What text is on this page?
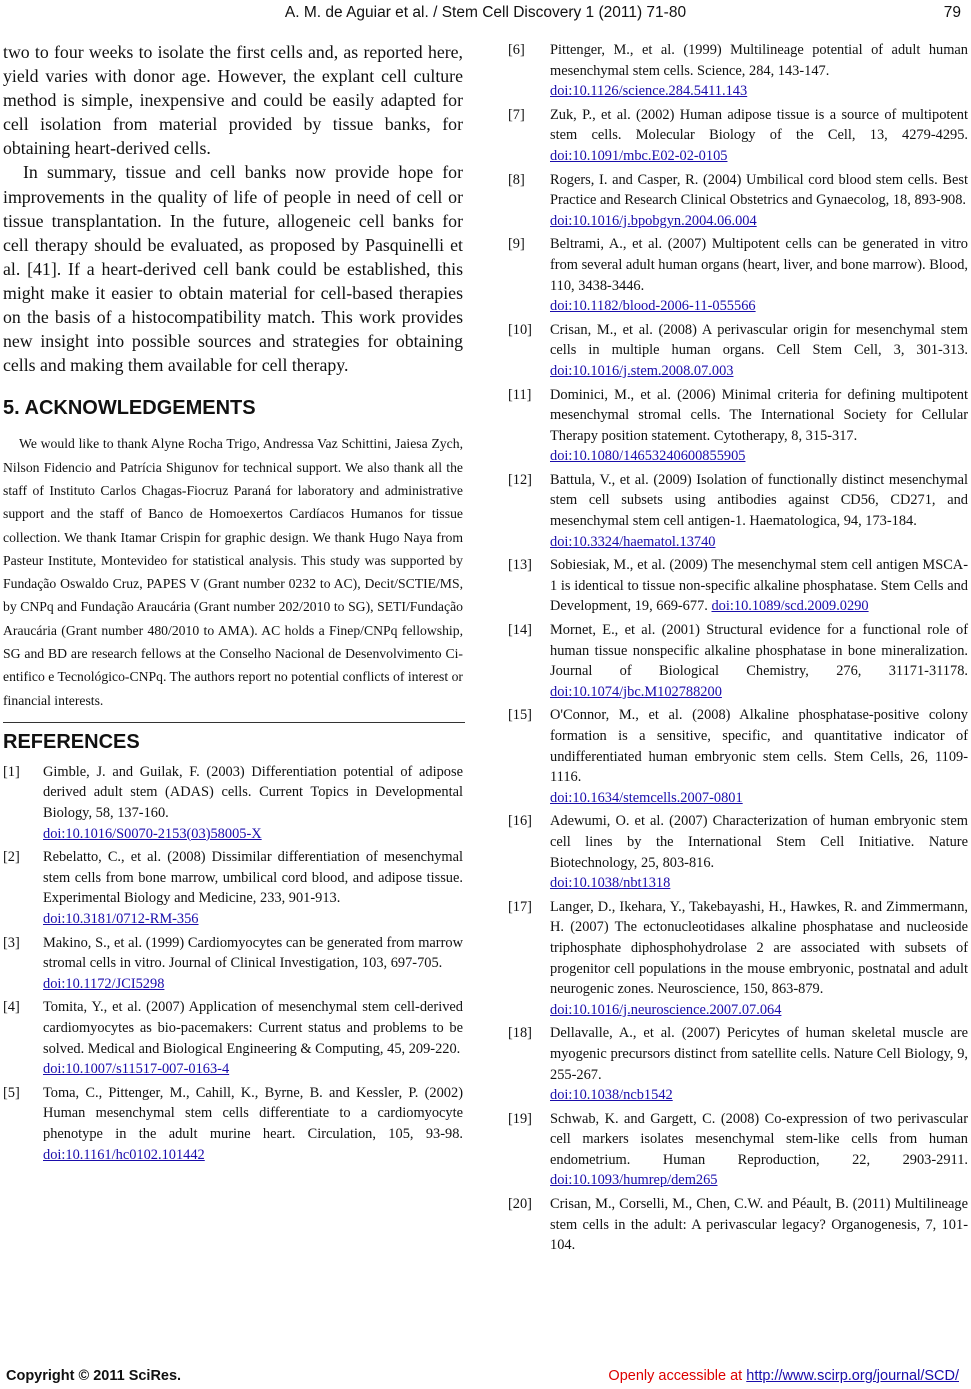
A. M. de Aguiar et al. / Stem Cell Discovery 1 (2011) 71-80	79

two to four weeks to isolate the first cells and, as reported here, yield varies with donor age. However, the explant cell culture method is simple, inexpensive and could be easily adapted for cell isolation from material provided by tissue banks, for obtaining heart-derived cells.

In summary, tissue and cell banks now provide hope for improvements in the quality of life of people in need of cell or tissue transplantation. In the future, allogeneic cell banks for cell therapy should be evaluated, as proposed by Pasquinelli et al. [41]. If a heart-derived cell bank could be established, this might make it easier to obtain material for cell-based therapies on the basis of a histocompatibility match. This work provides new insight into possible sources and strategies for obtaining cells and making them available for cell therapy.

5. ACKNOWLEDGEMENTS

We would like to thank Alyne Rocha Trigo, Andressa Vaz Schittini, Jaiesa Zych, Nilson Fidencio and Patrícia Shigunov for technical support. We also thank all the staff of Instituto Carlos Chagas-Fiocruz Paraná for laboratory and administrative support and the staff of Banco de Homoexertos Cardíacos Humanos for tissue collection. We thank Itamar Crispin for graphic design. We thank Hugo Naya from Pasteur Institute, Montevideo for statistical analysis. This study was supported by Fundação Oswaldo Cruz, PAPES V (Grant number 0232 to AC), Decit/SCTIE/MS, by CNPq and Fundação Araucária (Grant number 202/2010 to SG), SETI/Fundação Araucária (Grant number 480/2010 to AMA). AC holds a Finep/CNPq fellowship, SG and BD are research fellows at the Conselho Nacional de Desenvolvimento Ci- entifico e Tecnológico-CNPq. The authors report no potential conflicts of interest or financial interests.

REFERENCES
[1]	Gimble, J. and Guilak, F. (2003) Differentiation potential of adipose derived adult stem (ADAS) cells. Current Topics in Developmental Biology, 58, 137-160.
doi:10.1016/S0070-2153(03)58005-X
[2]	Rebelatto, C., et al. (2008) Dissimilar differentiation of mesenchymal stem cells from bone marrow, umbilical cord blood, and adipose tissue. Experimental Biology and Medicine, 233, 901-913.
doi:10.3181/0712-RM-356
[3]	Makino, S., et al. (1999) Cardiomyocytes can be generated from marrow stromal cells in vitro. Journal of Clinical Investigation, 103, 697-705.
doi:10.1172/JCI5298
[4]	Tomita, Y., et al. (2007) Application of mesenchymal stem cell-derived cardiomyocytes as bio-pacemakers: Current status and problems to be solved. Medical and Biological Engineering & Computing, 45, 209-220.
doi:10.1007/s11517-007-0163-4
[5]	Toma, C., Pittenger, M., Cahill, K., Byrne, B. and Kessler, P. (2002) Human mesenchymal stem cells differentiate to a cardiomyocyte phenotype in the adult murine heart. Circulation, 105, 93-98. doi:10.1161/hc0102.101442
[6]	Pittenger, M., et al. (1999) Multilineage potential of adult human mesenchymal stem cells. Science, 284, 143-147.
doi:10.1126/science.284.5411.143
[7]	Zuk, P., et al. (2002) Human adipose tissue is a source of multipotent stem cells. Molecular Biology of the Cell, 13, 4279-4295. doi:10.1091/mbc.E02-02-0105
[8]	Rogers, I. and Casper, R. (2004) Umbilical cord blood stem cells. Best Practice and Research Clinical Obstetrics and Gynaecolog, 18, 893-908.
doi:10.1016/j.bpobgyn.2004.06.004
[9]	Beltrami, A., et al. (2007) Multipotent cells can be generated in vitro from several adult human organs (heart, liver, and bone marrow). Blood, 110, 3438-3446.
doi:10.1182/blood-2006-11-055566
[10]	Crisan, M., et al. (2008) A perivascular origin for mesenchymal stem cells in multiple human organs. Cell Stem Cell, 3, 301-313. doi:10.1016/j.stem.2008.07.003
[11]	Dominici, M., et al. (2006) Minimal criteria for defining multipotent mesenchymal stromal cells. The International Society for Cellular Therapy position statement. Cytotherapy, 8, 315-317.
doi:10.1080/14653240600855905
[12]	Battula, V., et al. (2009) Isolation of functionally distinct mesenchymal stem cell subsets using antibodies against CD56, CD271, and mesenchymal stem cell antigen-1. Haematologica, 94, 173-184.
doi:10.3324/haematol.13740
[13]	Sobiesiak, M., et al. (2009) The mesenchymal stem cell antigen MSCA-1 is identical to tissue non-specific alkaline phosphatase. Stem Cells and Development, 19, 669-677. doi:10.1089/scd.2009.0290
[14]	Mornet, E., et al. (2001) Structural evidence for a functional role of human tissue nonspecific alkaline phosphatase in bone mineralization. Journal of Biological Chemistry, 276, 31171-31178. doi:10.1074/jbc.M102788200
[15]	O'Connor, M., et al. (2008) Alkaline phosphatase-positive colony formation is a sensitive, specific, and quantitative indicator of undifferentiated human embryonic stem cells. Stem Cells, 26, 1109-1116.
doi:10.1634/stemcells.2007-0801
[16]	Adewumi, O. et al. (2007) Characterization of human embryonic stem cell lines by the International Stem Cell Initiative. Nature Biotechnology, 25, 803-816.
doi:10.1038/nbt1318
[17]	Langer, D., Ikehara, Y., Takebayashi, H., Hawkes, R. and Zimmermann, H. (2007) The ectonucleotidases alkaline phosphatase and nucleoside triphosphate diphosphohydrolase 2 are associated with subsets of progenitor cell populations in the mouse embryonic, postnatal and adult neurogenic zones. Neuroscience, 150, 863-879.
doi:10.1016/j.neuroscience.2007.07.064
[18]	Dellavalle, A., et al. (2007) Pericytes of human skeletal muscle are myogenic precursors distinct from satellite cells. Nature Cell Biology, 9, 255-267.
doi:10.1038/ncb1542
[19]	Schwab, K. and Gargett, C. (2008) Co-expression of two perivascular cell markers isolates mesenchymal stem-like cells from human endometrium. Human Reproduction, 22, 2903-2911. doi:10.1093/humrep/dem265
[20]	Crisan, M., Corselli, M., Chen, C.W. and Péault, B. (2011) Multilineage stem cells in the adult: A perivascular legacy? Organogenesis, 7, 101-104.
Copyright © 2011 SciRes.	Openly accessible at http://www.scirp.org/journal/SCD/
